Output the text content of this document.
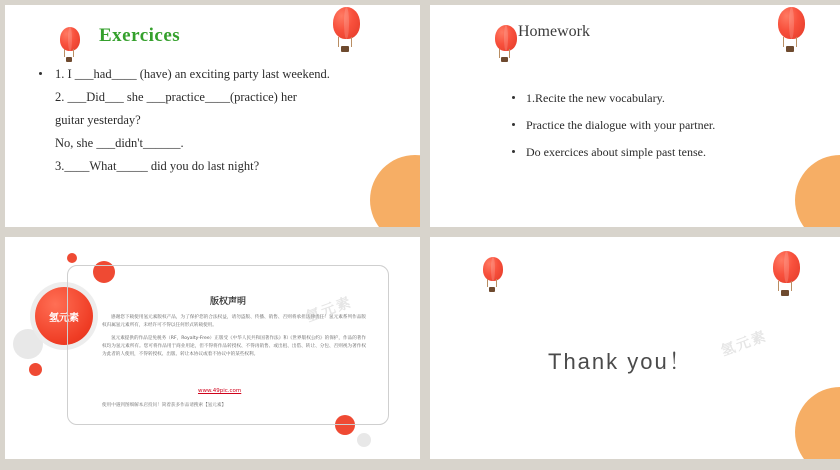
Exercices
1. I ___had____ (have) an exciting party last weekend.
2. ___Did___ she ___practice____(practice) her
guitar yesterday?
No, she ___didn't______.
3.____What_____ did you do last night?
Homework
1.Recite the new vocabulary.
Practice the dialogue with your partner.
Do exercices about simple past tense.
氢元素
版权声明

感谢您下载使用氢元素版权产品，为了保护您的合法权益，请勿盗版、传播、销售、否则将承担法律责任！氢元素系列作品版权归属氢元素所有，未经许可不得以任何形式转载使用。

氢元素提供的作品是免税务（RF，Royalty-Free）正版受《中华人民共和国著作法》和《世界版权公约》的保护，作品的著作权均为氢元素所有。您可将作品用于商业用途，但不得将作品转授权、不得再销售、或出租、出借、转让、分包、否则视为著作权为此者的人使用，不得转授权、出版、转让本协议或着不协议中的某些权利。

www.49pic.com
使用中遇到图细解本店投问！简着获多作品请搜索【氢元素】
氢元素
Thank you！
氢元素
